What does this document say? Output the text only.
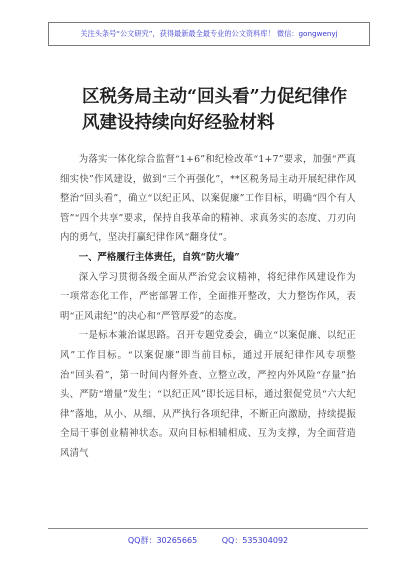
关注头条号“公文研究”，获得最新最全最专业的公文资料库！ 微信：gongwenyj
区税务局主动“回头看”力促纪律作
风建设持续向好经验材料

为落实一体化综合监督“1+6”和纪检改革“1+7”要求，加强“严真细实快”作风建设，做到“三个再强化”，**区税务局主动开展纪律作风整治“回头看”，确立“以纪正风、以案促廉”工作目标，明确“四个有人管”“四个共享”要求，保持自我革命的精神、求真务实的态度、刀刃向内的勇气，坚决打赢纪律作风“翻身仗”。

一、严格履行主体责任，自筑“防火墙”

深入学习贯彻各级全面从严治党会议精神，将纪律作风建设作为一项常态化工作，严密部署工作，全面推开整改，大力整饬作风，表明“正风肃纪”的决心和“严管厚爱”的态度。

一是标本兼治谋思路。召开专题党委会，确立“以案促廉、以纪正风”工作目标。“以案促廉”即当前目标，通过开展纪律作风专项整治“回头看”，第一时间内督外查、立整立改，严控内外风险“存量”抬头、严防“增量”发生；“以纪正风”即长远目标，通过狠促党员“六大纪律”落地，从小、从细、从严执行各项纪律，不断正向激励，持续提振全局干事创业精神状态。双向目标相辅相成、互为支撑，为全面营造风清气

QQ群：30265665	QQ：535304092
